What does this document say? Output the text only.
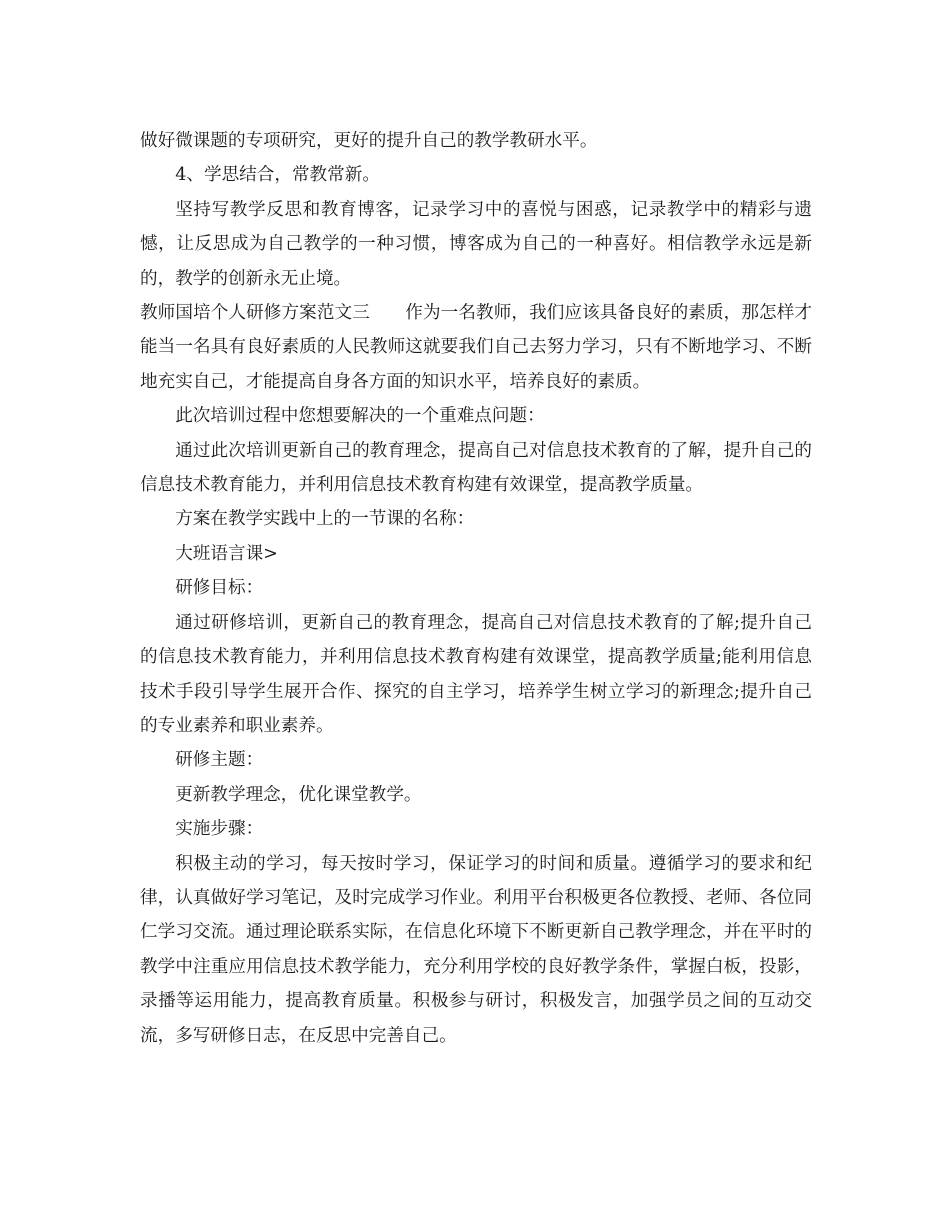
做好微课题的专项研究，更好的提升自己的教学教研水平。

4、学思结合，常教常新。

坚持写教学反思和教育博客，记录学习中的喜悦与困惑，记录教学中的精彩与遗憾，让反思成为自己教学的一种习惯，博客成为自己的一种喜好。相信教学永远是新的，教学的创新永无止境。

教师国培个人研修方案范文三　　作为一名教师，我们应该具备良好的素质，那怎样才能当一名具有良好素质的人民教师这就要我们自己去努力学习，只有不断地学习、不断地充实自己，才能提高自身各方面的知识水平，培养良好的素质。

此次培训过程中您想要解决的一个重难点问题：

通过此次培训更新自己的教育理念，提高自己对信息技术教育的了解，提升自己的信息技术教育能力，并利用信息技术教育构建有效课堂，提高教学质量。

方案在教学实践中上的一节课的名称：

大班语言课>

研修目标：

通过研修培训，更新自己的教育理念，提高自己对信息技术教育的了解;提升自己的信息技术教育能力，并利用信息技术教育构建有效课堂，提高教学质量;能利用信息技术手段引导学生展开合作、探究的自主学习，培养学生树立学习的新理念;提升自己的专业素养和职业素养。

研修主题：

更新教学理念，优化课堂教学。

实施步骤：

积极主动的学习，每天按时学习，保证学习的时间和质量。遵循学习的要求和纪律，认真做好学习笔记，及时完成学习作业。利用平台积极更各位教授、老师、各位同仁学习交流。通过理论联系实际，在信息化环境下不断更新自己教学理念，并在平时的教学中注重应用信息技术教学能力，充分利用学校的良好教学条件，掌握白板，投影，录播等运用能力，提高教育质量。积极参与研讨，积极发言，加强学员之间的互动交流，多写研修日志，在反思中完善自己。
